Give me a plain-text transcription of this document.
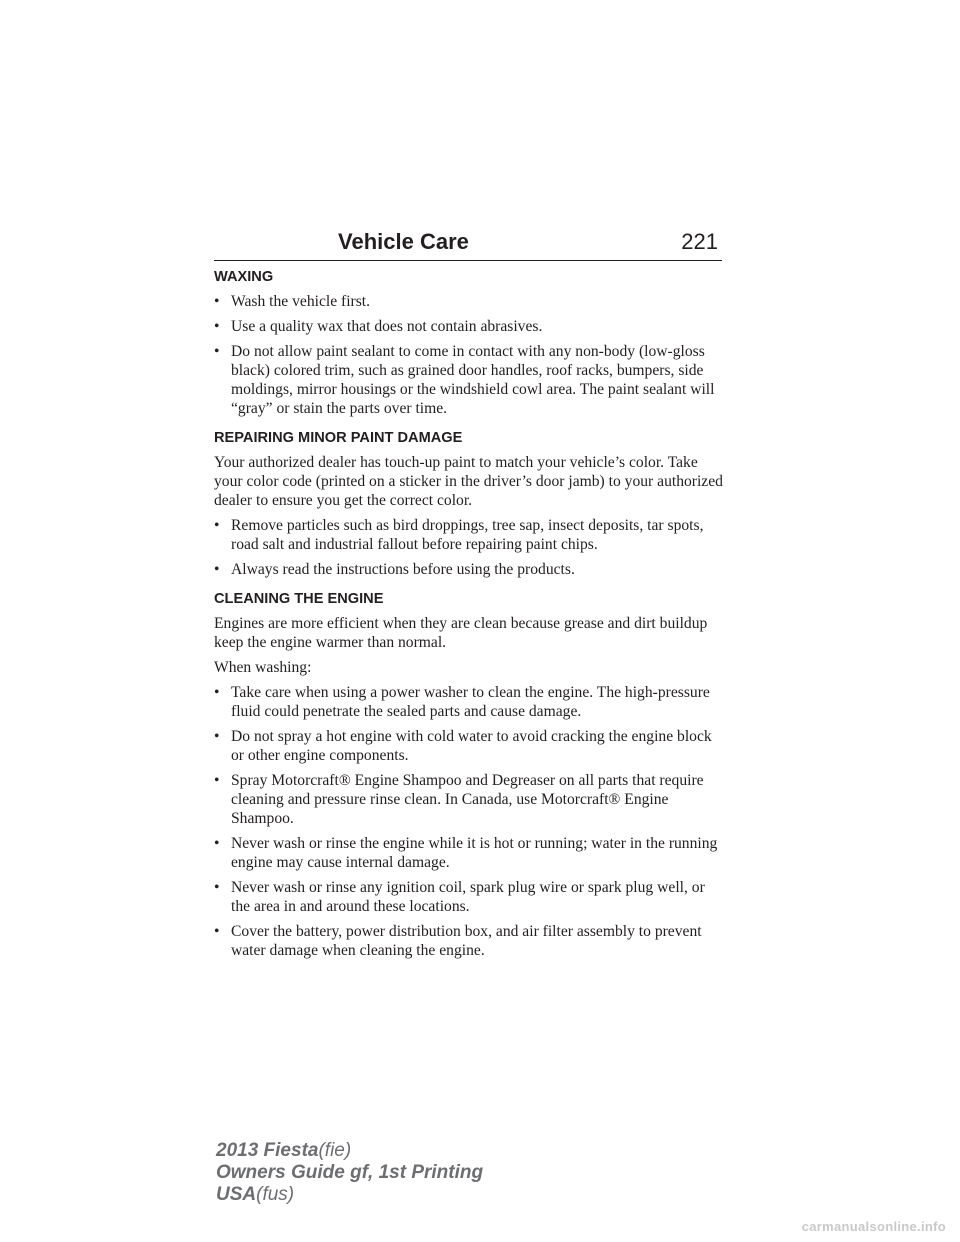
Vehicle Care	221
WAXING
• Wash the vehicle first.
• Use a quality wax that does not contain abrasives.
• Do not allow paint sealant to come in contact with any non-body (low-gloss black) colored trim, such as grained door handles, roof racks, bumpers, side moldings, mirror housings or the windshield cowl area. The paint sealant will “gray” or stain the parts over time.
REPAIRING MINOR PAINT DAMAGE
Your authorized dealer has touch-up paint to match your vehicle’s color. Take your color code (printed on a sticker in the driver’s door jamb) to your authorized dealer to ensure you get the correct color.
• Remove particles such as bird droppings, tree sap, insect deposits, tar spots, road salt and industrial fallout before repairing paint chips.
• Always read the instructions before using the products.
CLEANING THE ENGINE
Engines are more efficient when they are clean because grease and dirt buildup keep the engine warmer than normal.
When washing:
• Take care when using a power washer to clean the engine. The high-pressure fluid could penetrate the sealed parts and cause damage.
• Do not spray a hot engine with cold water to avoid cracking the engine block or other engine components.
• Spray Motorcraft® Engine Shampoo and Degreaser on all parts that require cleaning and pressure rinse clean. In Canada, use Motorcraft® Engine Shampoo.
• Never wash or rinse the engine while it is hot or running; water in the running engine may cause internal damage.
• Never wash or rinse any ignition coil, spark plug wire or spark plug well, or the area in and around these locations.
• Cover the battery, power distribution box, and air filter assembly to prevent water damage when cleaning the engine.
2013 Fiesta(fie)
Owners Guide gf, 1st Printing
USA(fus)
carmanualsonline.info
